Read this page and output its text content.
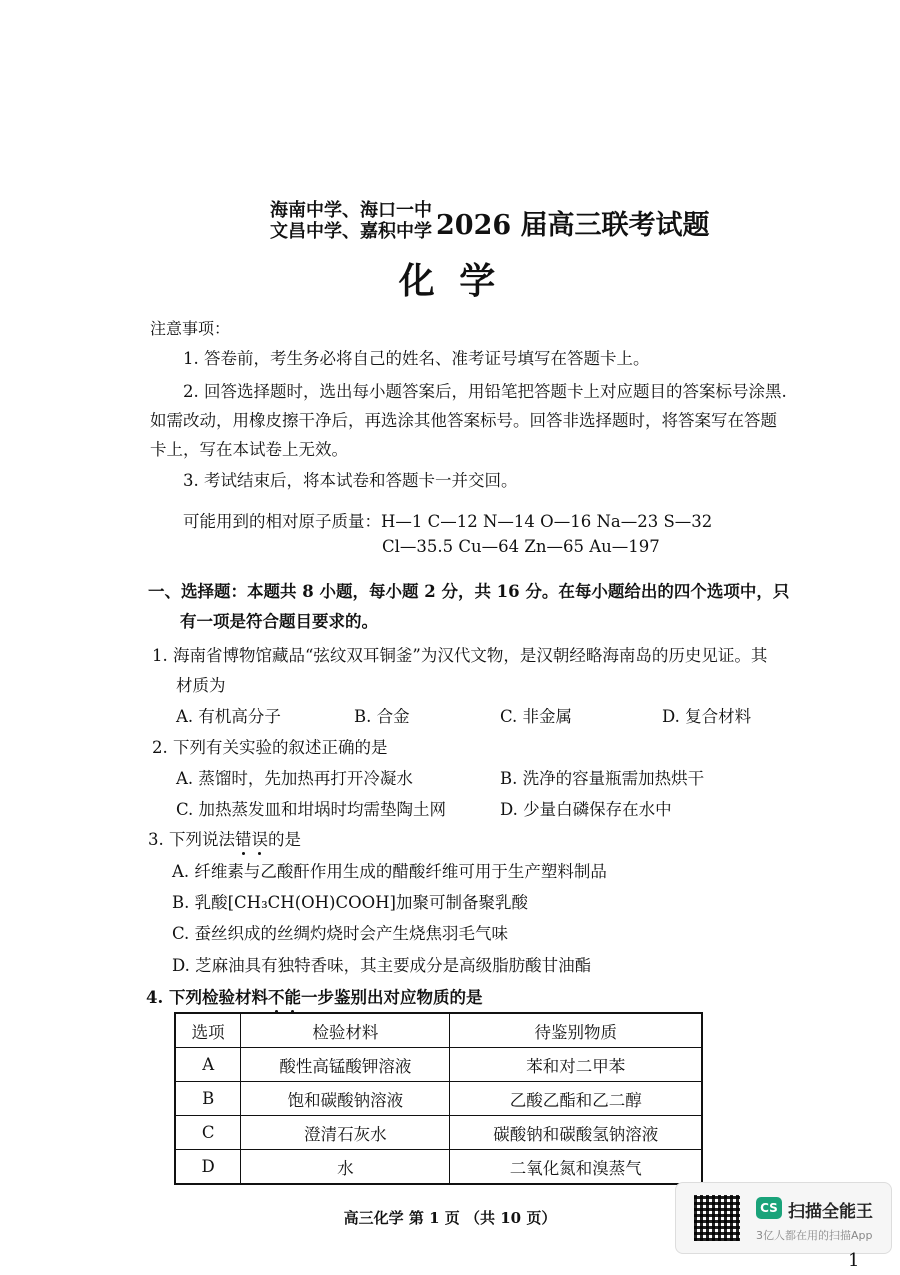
海南中学、海口一中
文昌中学、嘉积中学 2026 届高三联考试题
化 学
注意事项：
1. 答卷前，考生务必将自己的姓名、准考证号填写在答题卡上。
2. 回答选择题时，选出每小题答案后，用铅笔把答题卡上对应题目的答案标号涂黑.
如需改动，用橡皮擦干净后，再选涂其他答案标号。回答非选择题时，将答案写在答题
卡上，写在本试卷上无效。
3. 考试结束后，将本试卷和答题卡一并交回。
可能用到的相对原子质量：H—1 C—12 N—14 O—16 Na—23 S—32
Cl—35.5 Cu—64 Zn—65 Au—197
一、选择题：本题共 8 小题，每小题 2 分，共 16 分。在每小题给出的四个选项中，只
有一项是符合题目要求的。
1. 海南省博物馆藏品“弦纹双耳铜釜”为汉代文物，是汉朝经略海南岛的历史见证。其
材质为
A. 有机高分子	B. 合金	C. 非金属	D. 复合材料
2. 下列有关实验的叙述正确的是
A. 蒸馏时，先加热再打开冷凝水	B. 洗净的容量瓶需加热烘干
C. 加热蒸发皿和坩埚时均需垫陶土网	D. 少量白磷保存在水中
3. 下列说法错误的是
A. 纤维素与乙酸酐作用生成的醋酸纤维可用于生产塑料制品
B. 乳酸[CH₃CH(OH)COOH]加聚可制备聚乳酸
C. 蚕丝织成的丝绸灼烧时会产生烧焦羽毛气味
D. 芝麻油具有独特香味，其主要成分是高级脂肪酸甘油酯
4. 下列检验材料不能一步鉴别出对应物质的是
选项	检验材料	待鉴别物质
A	酸性高锰酸钾溶液	苯和对二甲苯
B	饱和碳酸钠溶液	乙酸乙酯和乙二醇
C	澄清石灰水	碳酸钠和碳酸氢钠溶液
D	水	二氧化氮和溴蒸气
高三化学 第 1 页 （共 10 页）
CS 扫描全能王
3亿人都在用的扫描App
1
